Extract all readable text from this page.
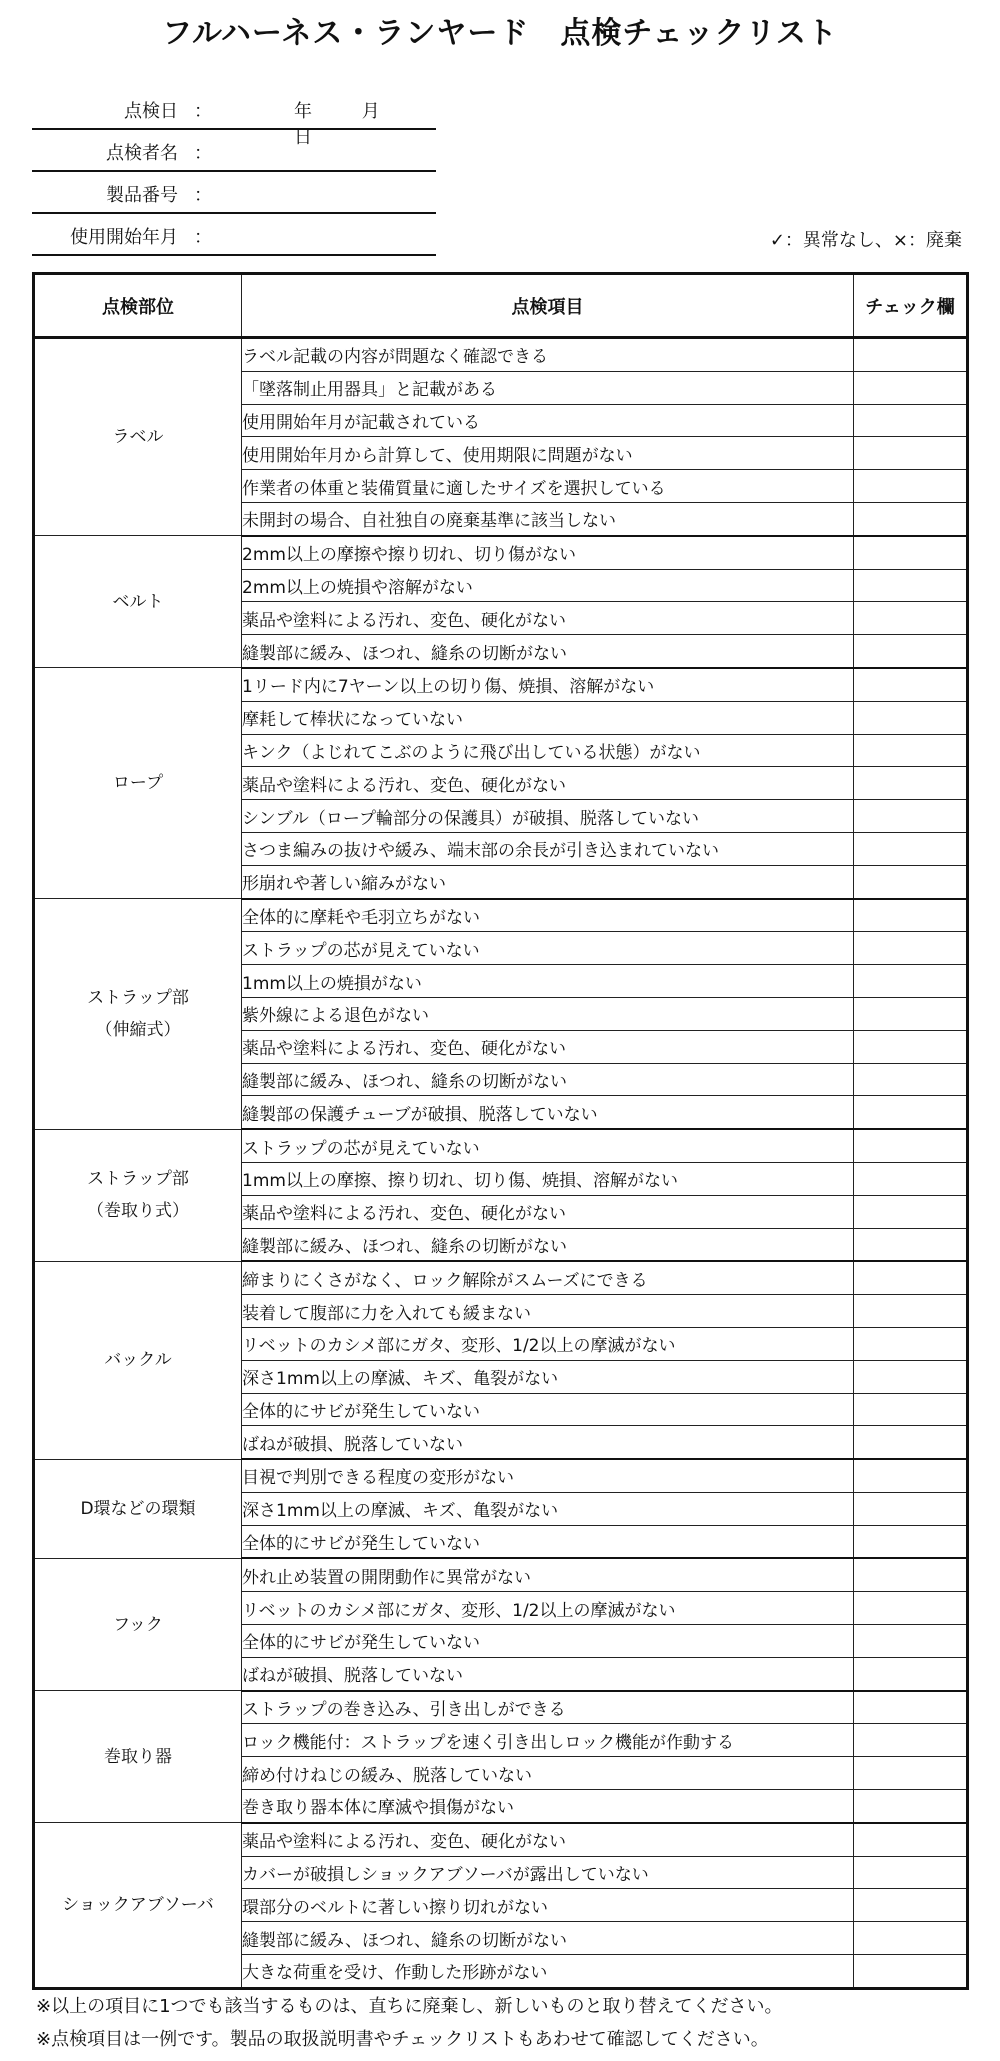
フルハーネス・ランヤード　点検チェックリスト
点検日 ：	年	月 日
点検者名 ：
製品番号 ：
使用開始年月 ：	✓：異常なし、×：廃棄
点検部位	点検項目	チェック欄

ラベル	ラベル記載の内容が問題なく確認できる	
	「墜落制止用器具」と記載がある	
	使用開始年月が記載されている	
	使用開始年月から計算して、使用期限に問題がない	
	作業者の体重と装備質量に適したサイズを選択している	
	未開封の場合、自社独自の廃棄基準に該当しない	

ベルト	2mm以上の摩擦や擦り切れ、切り傷がない	
	2mm以上の焼損や溶解がない	
	薬品や塗料による汚れ、変色、硬化がない	
	縫製部に緩み、ほつれ、縫糸の切断がない	

ロープ	1リード内に7ヤーン以上の切り傷、焼損、溶解がない	
	摩耗して棒状になっていない	
	キンク（よじれてこぶのように飛び出している状態）がない	
	薬品や塗料による汚れ、変色、硬化がない	
	シンブル（ロープ輪部分の保護具）が破損、脱落していない	
	さつま編みの抜けや緩み、端末部の余長が引き込まれていない	
	形崩れや著しい縮みがない	

ストラップ部
（伸縮式）	全体的に摩耗や毛羽立ちがない	
	ストラップの芯が見えていない	
	1mm以上の焼損がない	
	紫外線による退色がない	
	薬品や塗料による汚れ、変色、硬化がない	
	縫製部に緩み、ほつれ、縫糸の切断がない	
	縫製部の保護チューブが破損、脱落していない	

ストラップ部
（巻取り式）	ストラップの芯が見えていない	
	1mm以上の摩擦、擦り切れ、切り傷、焼損、溶解がない	
	薬品や塗料による汚れ、変色、硬化がない	
	縫製部に緩み、ほつれ、縫糸の切断がない	

バックル	締まりにくさがなく、ロック解除がスムーズにできる	
	装着して腹部に力を入れても緩まない	
	リベットのカシメ部にガタ、変形、1/2以上の摩滅がない	
	深さ1mm以上の摩滅、キズ、亀裂がない	
	全体的にサビが発生していない	
	ばねが破損、脱落していない	

D環などの環類	目視で判別できる程度の変形がない	
	深さ1mm以上の摩滅、キズ、亀裂がない	
	全体的にサビが発生していない	

フック	外れ止め装置の開閉動作に異常がない	
	リベットのカシメ部にガタ、変形、1/2以上の摩滅がない	
	全体的にサビが発生していない	
	ばねが破損、脱落していない	

巻取り器	ストラップの巻き込み、引き出しができる	
	ロック機能付：ストラップを速く引き出しロック機能が作動する	
	締め付けねじの緩み、脱落していない	
	巻き取り器本体に摩滅や損傷がない	

ショックアブソーバ	薬品や塗料による汚れ、変色、硬化がない	
	カバーが破損しショックアブソーバが露出していない	
	環部分のベルトに著しい擦り切れがない	
	縫製部に緩み、ほつれ、縫糸の切断がない	
	大きな荷重を受け、作動した形跡がない	
※以上の項目に1つでも該当するものは、直ちに廃棄し、新しいものと取り替えてください。
※点検項目は一例です。製品の取扱説明書やチェックリストもあわせて確認してください。
